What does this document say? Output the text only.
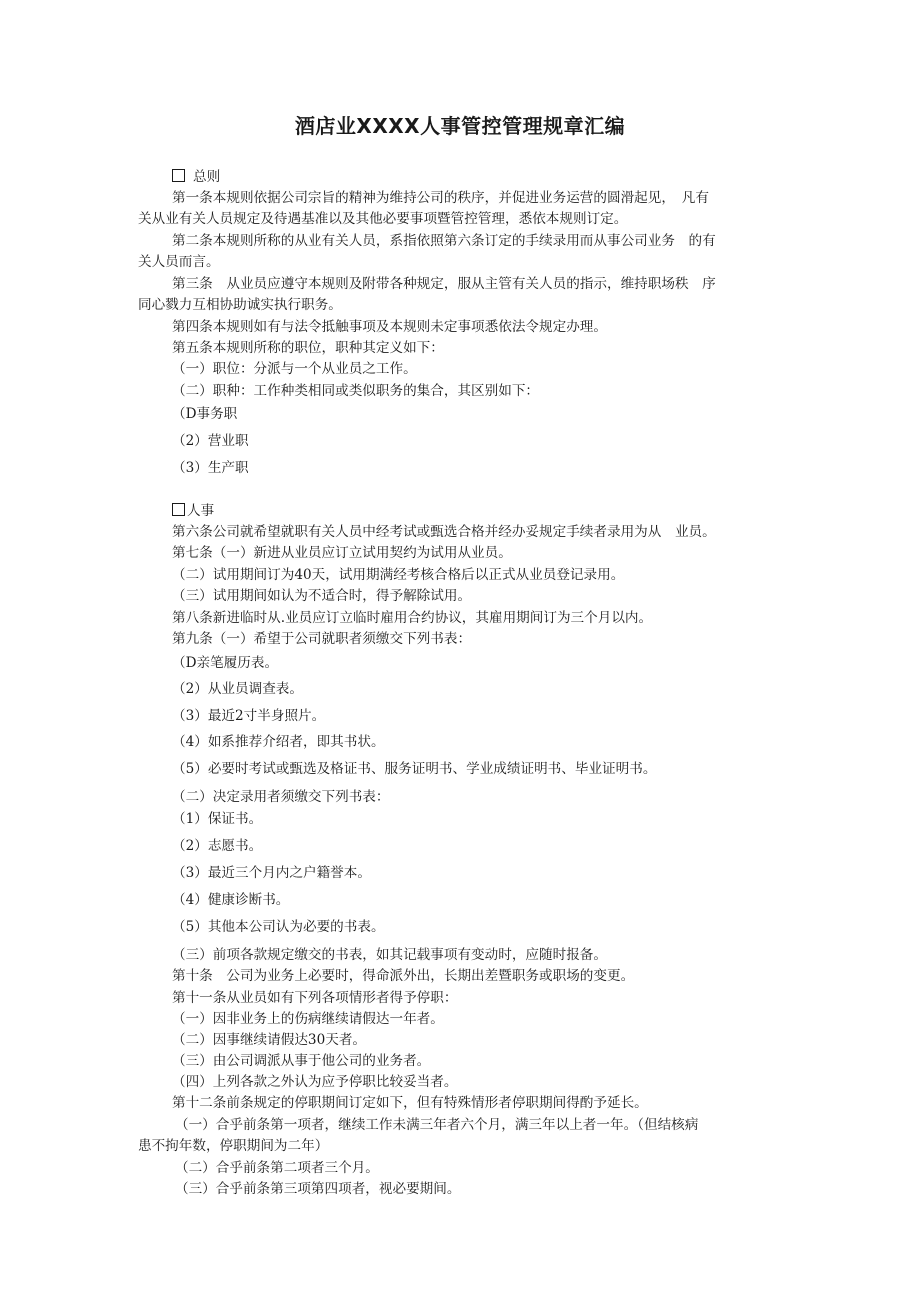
酒店业XXXX人事管控管理规章汇编
总则
第一条本规则依据公司宗旨的精神为维持公司的秩序，并促进业务运营的圆滑起见，　凡有
关从业有关人员规定及待遇基准以及其他必要事项暨管控管理，悉依本规则订定。
第二条本规则所称的从业有关人员，系指依照第六条订定的手续录用而从事公司业务　的有
关人员而言。
第三条　从业员应遵守本规则及附带各种规定，服从主管有关人员的指示，维持职场秩　序
同心戮力互相协助诚实执行职务。
第四条本规则如有与法令抵触事项及本规则未定事项悉依法令规定办理。
第五条本规则所称的职位，职种其定义如下：
（一）职位：分派与一个从业员之工作。
（二）职种：工作种类相同或类似职务的集合，其区别如下：
（D事务职
（2）营业职
（3）生产职
人事
第六条公司就希望就职有关人员中经考试或甄选合格并经办妥规定手续者录用为从　业员。
第七条（一）新进从业员应订立试用契约为试用从业员。
（二）试用期间订为40天，试用期满经考核合格后以正式从业员登记录用。
（三）试用期间如认为不适合时，得予解除试用。
第八条新进临时从.业员应订立临时雇用合约协议，其雇用期间订为三个月以内。
第九条（一）希望于公司就职者须缴交下列书表：
（D亲笔履历表。
（2）从业员调查表。
（3）最近2寸半身照片。
（4）如系推荐介绍者，即其书状。
（5）必要时考试或甄选及格证书、服务证明书、学业成绩证明书、毕业证明书。
（二）决定录用者须缴交下列书表：
（1）保证书。
（2）志愿书。
（3）最近三个月内之户籍誉本。
（4）健康诊断书。
（5）其他本公司认为必要的书表。
（三）前项各款规定缴交的书表，如其记载事项有变动时，应随时报备。
第十条　公司为业务上必要时，得命派外出，长期出差暨职务或职场的变更。
第十一条从业员如有下列各项情形者得予停职：
（一）因非业务上的伤病继续请假达一年者。
（二）因事继续请假达30天者。
（三）由公司调派从事于他公司的业务者。
（四）上列各款之外认为应予停职比较妥当者。
第十二条前条规定的停职期间订定如下，但有特殊情形者停职期间得酌予延长。
（一）合乎前条第一项者，继续工作未满三年者六个月，满三年以上者一年。（但结核病
患不拘年数，停职期间为二年）
（二）合乎前条第二项者三个月。
（三）合乎前条第三项第四项者，视必要期间。
